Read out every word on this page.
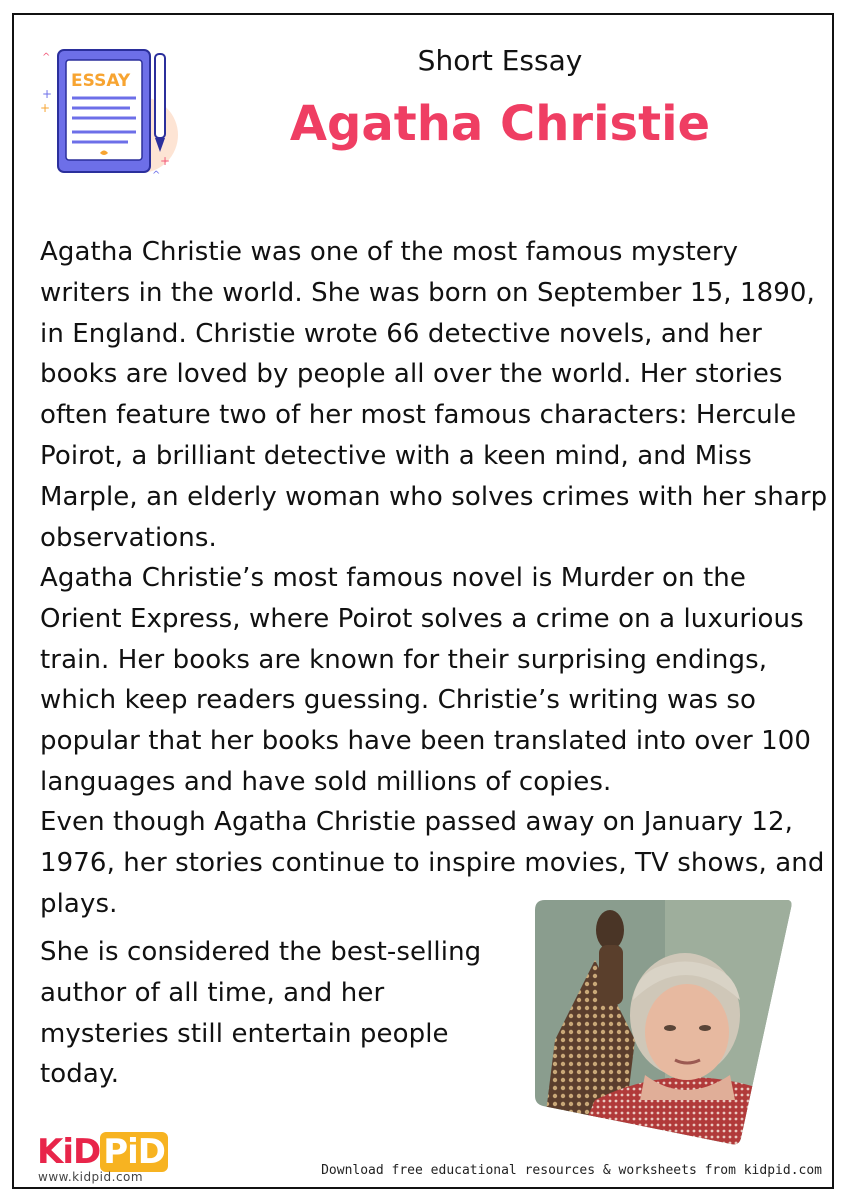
ESSAY
^
+
+
+
^
Short Essay
Agatha Christie

Agatha Christie was one of the most famous mystery writers in the world. She was born on September 15, 1890, in England. Christie wrote 66 detective novels, and her books are loved by people all over the world. Her stories often feature two of her most famous characters: Hercule Poirot, a brilliant detective with a keen mind, and Miss Marple, an elderly woman who solves crimes with her sharp observations.

Agatha Christie’s most famous novel is Murder on the Orient Express, where Poirot solves a crime on a luxurious train. Her books are known for their surprising endings, which keep readers guessing. Christie’s writing was so popular that her books have been translated into over 100 languages and have sold millions of copies.

Even though Agatha Christie passed away on January 12, 1976, her stories continue to inspire movies, TV shows, and plays.

She is considered the best-selling author of all time, and her mysteries still entertain people today.

KiDPiD
www.kidpid.com	Download free educational resources & worksheets from kidpid.com
